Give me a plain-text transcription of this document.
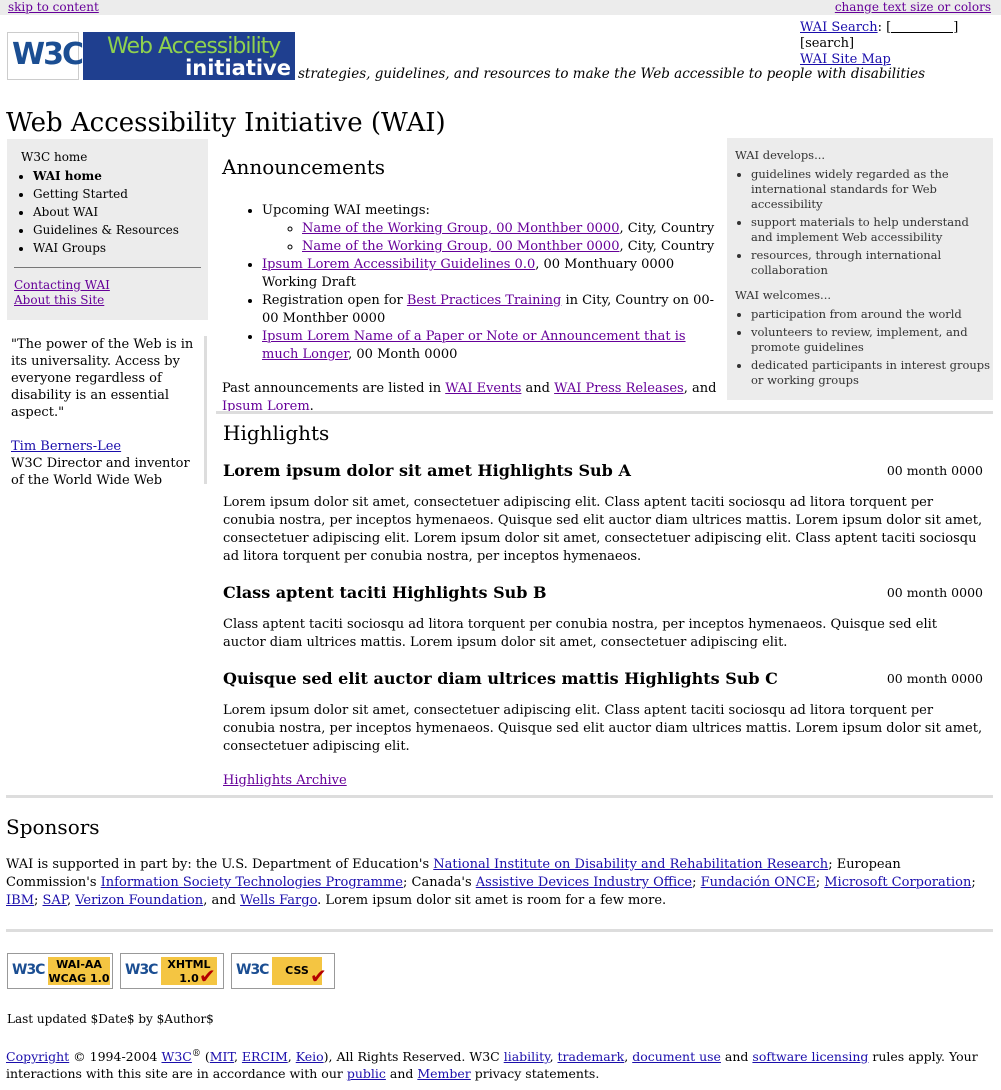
skip to content	change text size or colors
WAI Search: [	] [search]
WAI Site Map
W3C Web Accessibility
initiative strategies, guidelines, and resources to make the Web accessible to people with disabilities
Web Accessibility Initiative (WAI)
W3C home
• WAI home
• Getting Started
• About WAI
• Guidelines & Resources
• WAI Groups
Contacting WAI
About this Site
"The power of the Web is in its universality. Access by everyone regardless of disability is an essential aspect."
Tim Berners-Lee
W3C Director and inventor of the World Wide Web
Announcements
• Upcoming WAI meetings:
◦ Name of the Working Group, 00 Monthber 0000, City, Country
◦ Name of the Working Group, 00 Monthber 0000, City, Country
• Ipsum Lorem Accessibility Guidelines 0.0, 00 Monthuary 0000 Working Draft
• Registration open for Best Practices Training in City, Country on 00-00 Monthber 0000
• Ipsum Lorem Name of a Paper or Note or Announcement that is much Longer, 00 Month 0000

Past announcements are listed in WAI Events and WAI Press Releases, and Ipsum Lorem.

WAI develops...
• guidelines widely regarded as the international standards for Web accessibility
• support materials to help understand and implement Web accessibility
• resources, through international collaboration
WAI welcomes...
• participation from around the world
• volunteers to review, implement, and promote guidelines
• dedicated participants in interest groups or working groups
Highlights
Lorem ipsum dolor sit amet Highlights Sub A	00 month 0000

Lorem ipsum dolor sit amet, consectetuer adipiscing elit. Class aptent taciti sociosqu ad litora torquent per conubia nostra, per inceptos hymenaeos. Quisque sed elit auctor diam ultrices mattis. Lorem ipsum dolor sit amet, consectetuer adipiscing elit. Lorem ipsum dolor sit amet, consectetuer adipiscing elit. Class aptent taciti sociosqu ad litora torquent per conubia nostra, per inceptos hymenaeos.

Class aptent taciti Highlights Sub B	00 month 0000

Class aptent taciti sociosqu ad litora torquent per conubia nostra, per inceptos hymenaeos. Quisque sed elit auctor diam ultrices mattis. Lorem ipsum dolor sit amet, consectetuer adipiscing elit.

Quisque sed elit auctor diam ultrices mattis Highlights Sub C	00 month 0000

Lorem ipsum dolor sit amet, consectetuer adipiscing elit. Class aptent taciti sociosqu ad litora torquent per conubia nostra, per inceptos hymenaeos. Quisque sed elit auctor diam ultrices mattis. Lorem ipsum dolor sit amet, consectetuer adipiscing elit.

Highlights Archive
Sponsors

WAI is supported in part by: the U.S. Department of Education's National Institute on Disability and Rehabilitation Research; European Commission's Information Society Technologies Programme; Canada's Assistive Devices Industry Office; Fundación ONCE; Microsoft Corporation; IBM; SAP, Verizon Foundation, and Wells Fargo. Lorem ipsum dolor sit amet is room for a few more.

W3C	WAI-AA
WCAG 1.0
W3C XHTML
1.0 ✔ W3C	CSS ✔
Last updated $Date$ by $Author$
Copyright © 1994-2004 W3C® (MIT, ERCIM, Keio), All Rights Reserved. W3C liability, trademark, document use and software licensing rules apply. Your interactions with this site are in accordance with our public and Member privacy statements.
